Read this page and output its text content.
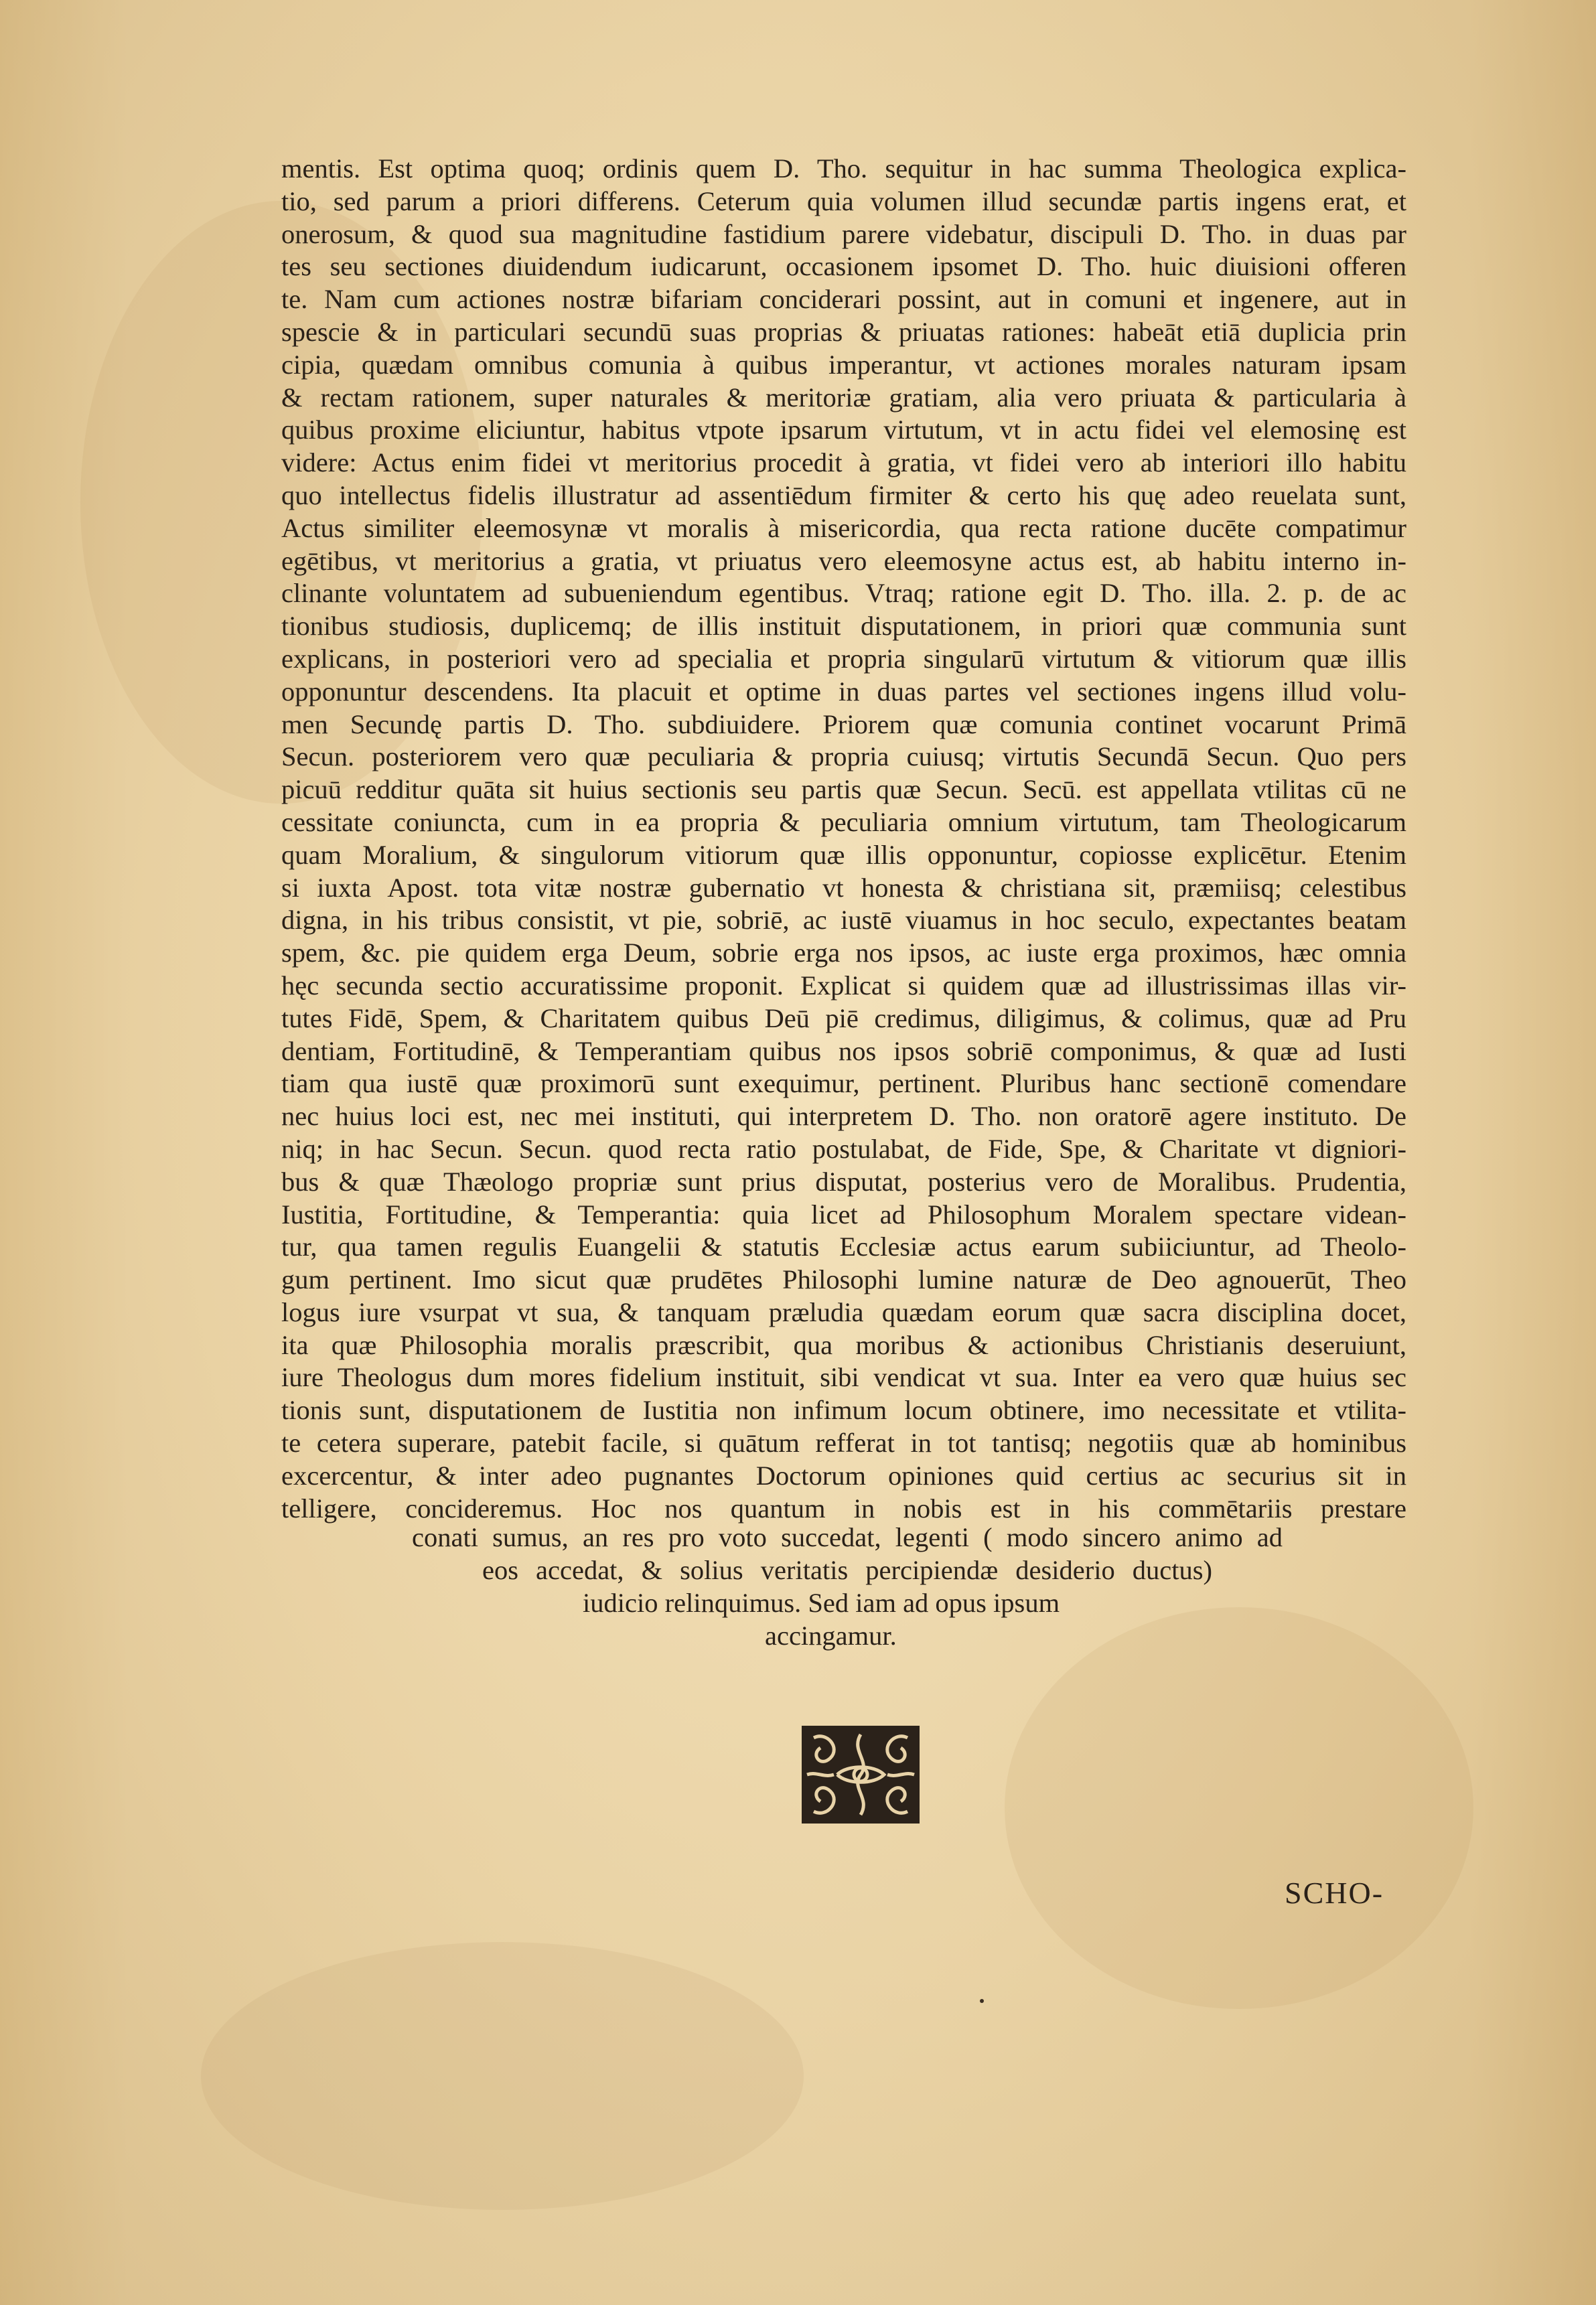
mentis. Est optima quoq; ordinis quem D. Tho. sequitur in hac summa Theologica explica-
tio, sed parum a priori differens. Ceterum quia volumen illud secundæ partis ingens erat, et
onerosum, & quod sua magnitudine fastidium parere videbatur, discipuli D. Tho. in duas par
tes seu sectiones diuidendum iudicarunt, occasionem ipsomet D. Tho. huic diuisioni offeren
te. Nam cum actiones nostræ bifariam conciderari possint, aut in comuni et ingenere, aut in
spescie & in particulari secundū suas proprias & priuatas rationes: habeāt etiā duplicia prin
cipia, quædam omnibus comunia à quibus imperantur, vt actiones morales naturam ipsam
& rectam rationem, super naturales & meritoriæ gratiam, alia vero priuata & particularia à
quibus proxime eliciuntur, habitus vtpote ipsarum virtutum, vt in actu fidei vel elemosinę est
videre: Actus enim fidei vt meritorius procedit à gratia, vt fidei vero ab interiori illo habitu
quo intellectus fidelis illustratur ad assentiēdum firmiter & certo his quę adeo reuelata sunt,
Actus similiter eleemosynæ vt moralis à misericordia, qua recta ratione ducēte compatimur
egētibus, vt meritorius a gratia, vt priuatus vero eleemosyne actus est, ab habitu interno in-
clinante voluntatem ad subueniendum egentibus. Vtraq; ratione egit D. Tho. illa. 2. p. de ac
tionibus studiosis, duplicemq; de illis instituit disputationem, in priori quæ communia sunt
explicans, in posteriori vero ad specialia et propria singularū virtutum & vitiorum quæ illis
opponuntur descendens. Ita placuit et optime in duas partes vel sectiones ingens illud volu-
men Secundę partis D. Tho. subdiuidere. Priorem quæ comunia continet vocarunt Primā
Secun. posteriorem vero quæ peculiaria & propria cuiusq; virtutis Secundā Secun. Quo pers
picuū redditur quāta sit huius sectionis seu partis quæ Secun. Secū. est appellata vtilitas cū ne
cessitate coniuncta, cum in ea propria & peculiaria omnium virtutum, tam Theologicarum
quam Moralium, & singulorum vitiorum quæ illis opponuntur, copiosse explicētur. Etenim
si iuxta Apost. tota vitæ nostræ gubernatio vt honesta & christiana sit, præmiisq; celestibus
digna, in his tribus consistit, vt pie, sobriē, ac iustē viuamus in hoc seculo, expectantes beatam
spem, &c. pie quidem erga Deum, sobrie erga nos ipsos, ac iuste erga proximos, hæc omnia
hęc secunda sectio accuratissime proponit. Explicat si quidem quæ ad illustrissimas illas vir-
tutes Fidē, Spem, & Charitatem quibus Deū piē credimus, diligimus, & colimus, quæ ad Pru
dentiam, Fortitudinē, & Temperantiam quibus nos ipsos sobriē componimus, & quæ ad Iusti
tiam qua iustē quæ proximorū sunt exequimur, pertinent. Pluribus hanc sectionē comendare
nec huius loci est, nec mei instituti, qui interpretem D. Tho. non oratorē agere instituto. De
niq; in hac Secun. Secun. quod recta ratio postulabat, de Fide, Spe, & Charitate vt digniori-
bus & quæ Thæologo propriæ sunt prius disputat, posterius vero de Moralibus. Prudentia,
Iustitia, Fortitudine, & Temperantia: quia licet ad Philosophum Moralem spectare videan-
tur, qua tamen regulis Euangelii & statutis Ecclesiæ actus earum subiiciuntur, ad Theolo-
gum pertinent. Imo sicut quæ prudētes Philosophi lumine naturæ de Deo agnouerūt, Theo
logus iure vsurpat vt sua, & tanquam præludia quædam eorum quæ sacra disciplina docet,
ita quæ Philosophia moralis præscribit, qua moribus & actionibus Christianis deseruiunt,
iure Theologus dum mores fidelium instituit, sibi vendicat vt sua. Inter ea vero quæ huius sec
tionis sunt, disputationem de Iustitia non infimum locum obtinere, imo necessitate et vtilita-
te cetera superare, patebit facile, si quātum refferat in tot tantisq; negotiis quæ ab hominibus
excercentur, & inter adeo pugnantes Doctorum opiniones quid certius ac securius sit in
telligere, concideremus. Hoc nos quantum in nobis est in his commētariis prestare
conati sumus, an res pro voto succedat, legenti ( modo sincero animo ad
eos accedat, & solius veritatis percipiendæ desiderio ductus)
iudicio relinquimus. Sed iam ad opus ipsum
accingamur.
SCHO-
